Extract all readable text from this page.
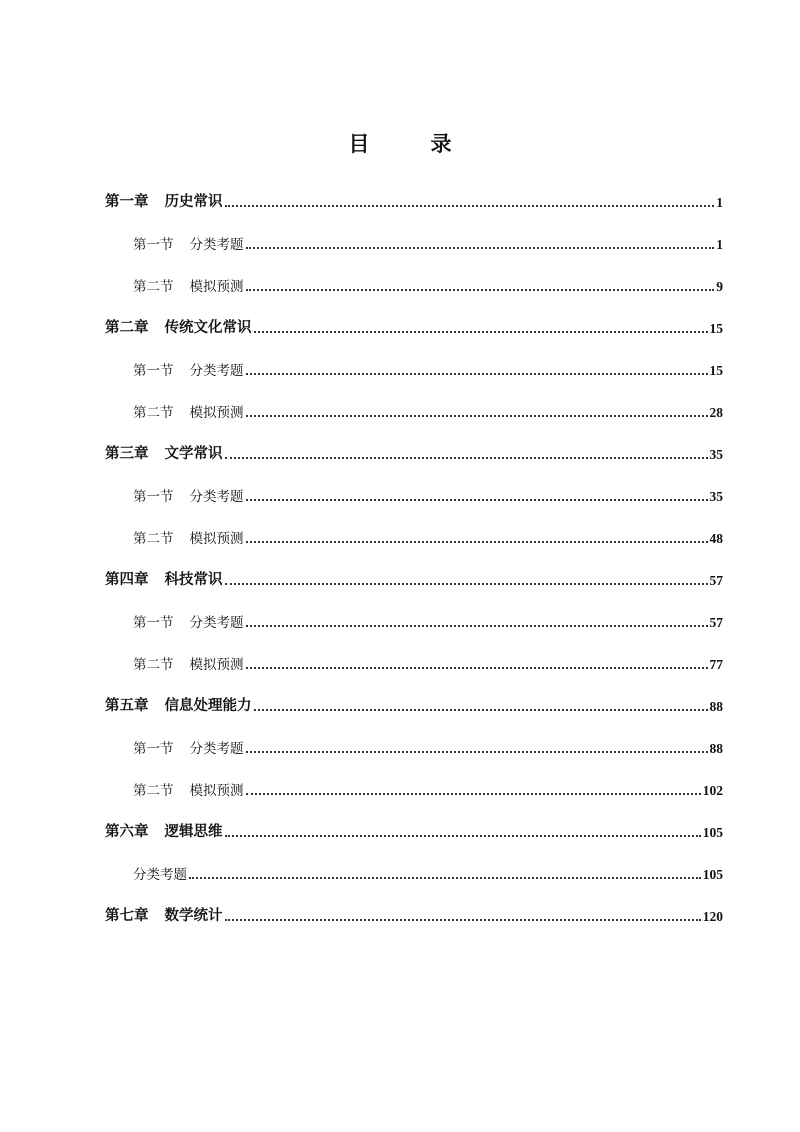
目　录
第一章 历史常识	1
第一节 分类考题	1
第二节 模拟预测	9
第二章 传统文化常识	15
第一节 分类考题	15
第二节 模拟预测	28
第三章 文学常识	35
第一节 分类考题	35
第二节 模拟预测	48
第四章 科技常识	57
第一节 分类考题	57
第二节 模拟预测	77
第五章 信息处理能力	88
第一节 分类考题	88
第二节 模拟预测	102
第六章 逻辑思维	105
分类考题	105
第七章 数学统计	120
